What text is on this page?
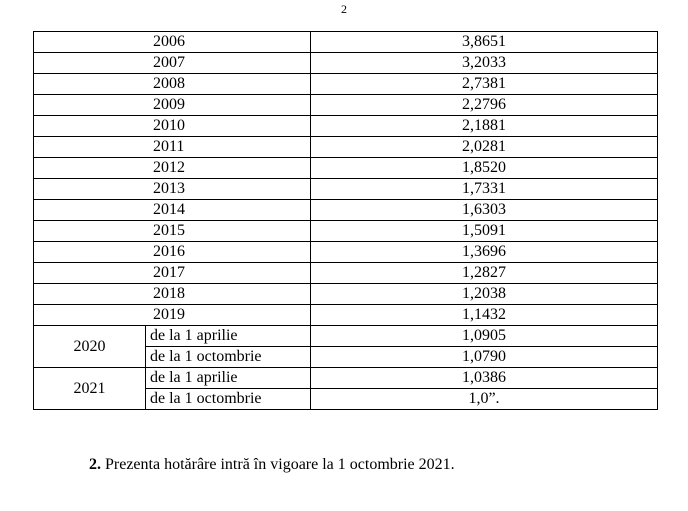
2
2006		3,8651
2007		3,2033
2008		2,7381
2009		2,2796
2010		2,1881
2011		2,0281
2012		1,8520
2013		1,7331
2014		1,6303
2015		1,5091
2016		1,3696
2017		1,2827
2018		1,2038
2019		1,1432
2020	de la 1 aprilie	1,0905
	de la 1 octombrie	1,0790
2021	de la 1 aprilie	1,0386
	de la 1 octombrie	1,0”.
2. Prezenta hotărâre intră în vigoare la 1 octombrie 2021.
